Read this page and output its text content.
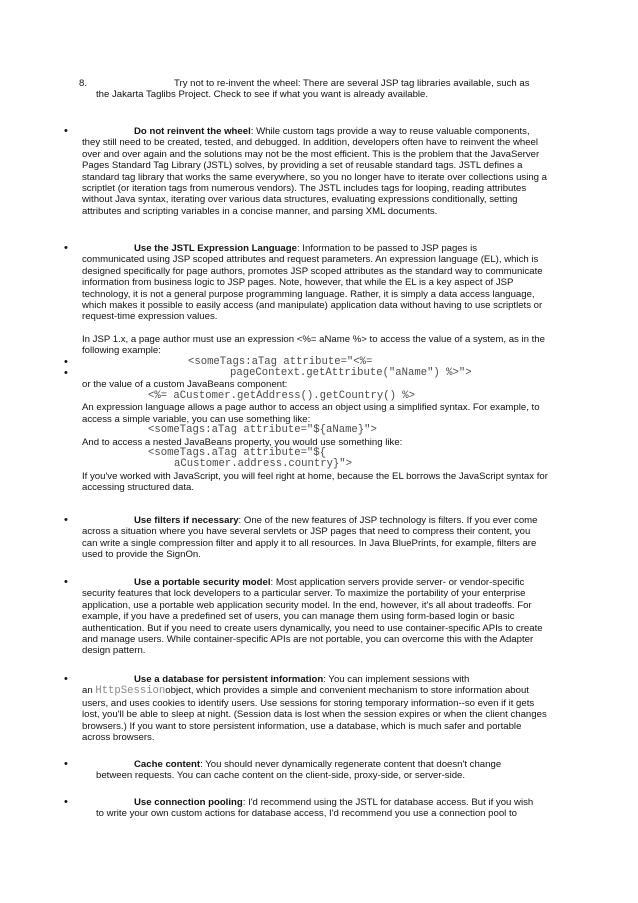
8.	Try not to re-invent the wheel: There are several JSP tag libraries available, such as
the Jakarta Taglibs Project. Check to see if what you want is already available.

•	Do not reinvent the wheel: While custom tags provide a way to reuse valuable components,
they still need to be created, tested, and debugged. In addition, developers often have to reinvent the wheel over and over again and the solutions may not be the most efficient. This is the problem that the JavaServer Pages Standard Tag Library (JSTL) solves, by providing a set of reusable standard tags. JSTL defines a standard tag library that works the same everywhere, so you no longer have to iterate over collections using a scriptlet (or iteration tags from numerous vendors). The JSTL includes tags for looping, reading attributes without Java syntax, iterating over various data structures, evaluating expressions conditionally, setting attributes and scripting variables in a concise manner, and parsing XML documents.

•	Use the JSTL Expression Language: Information to be passed to JSP pages is
communicated using JSP scoped attributes and request parameters. An expression language (EL), which is designed specifically for page authors, promotes JSP scoped attributes as the standard way to communicate information from business logic to JSP pages. Note, however, that while the EL is a key aspect of JSP technology, it is not a general purpose programming language. Rather, it is simply a data access language, which makes it possible to easily access (and manipulate) application data without having to use scriptlets or request-time expression values.

In JSP 1.x, a page author must use an expression <%= aName %> to access the value of a system, as in the following example:

•	<someTags:aTag attribute="<%=
•	pageContext.getAttribute("aName") %>">

or the value of a custom JavaBeans component:

<%= aCustomer.getAddress().getCountry() %>

An expression language allows a page author to access an object using a simplified syntax. For example, to access a simple variable, you can use something like:

<someTags:aTag attribute="${aName}">

And to access a nested JavaBeans property, you would use something like:

<someTags.aTag attribute="${
aCustomer.address.country}">

If you've worked with JavaScript, you will feel right at home, because the EL borrows the JavaScript syntax for accessing structured data.

•	Use filters if necessary: One of the new features of JSP technology is filters. If you ever come
across a situation where you have several servlets or JSP pages that need to compress their content, you can write a single compression filter and apply it to all resources. In Java BluePrints, for example, filters are used to provide the SignOn.

•	Use a portable security model: Most application servers provide server- or vendor-specific
security features that lock developers to a particular server. To maximize the portability of your enterprise application, use a portable web application security model. In the end, however, it's all about tradeoffs. For example, if you have a predefined set of users, you can manage them using form-based login or basic authentication. But if you need to create users dynamically, you need to use container-specific APIs to create and manage users. While container-specific APIs are not portable, you can overcome this with the Adapter design pattern.

•	Use a database for persistent information: You can implement sessions with
an HttpSessionobject, which provides a simple and convenient mechanism to store information about users, and uses cookies to identify users. Use sessions for storing temporary information--so even if it gets lost, you'll be able to sleep at night. (Session data is lost when the session expires or when the client changes browsers.) If you want to store persistent information, use a database, which is much safer and portable across browsers.

•	Cache content: You should never dynamically regenerate content that doesn't change
between requests. You can cache content on the client-side, proxy-side, or server-side.

•	Use connection pooling: I'd recommend using the JSTL for database access. But if you wish
to write your own custom actions for database access, I'd recommend you use a connection pool to
